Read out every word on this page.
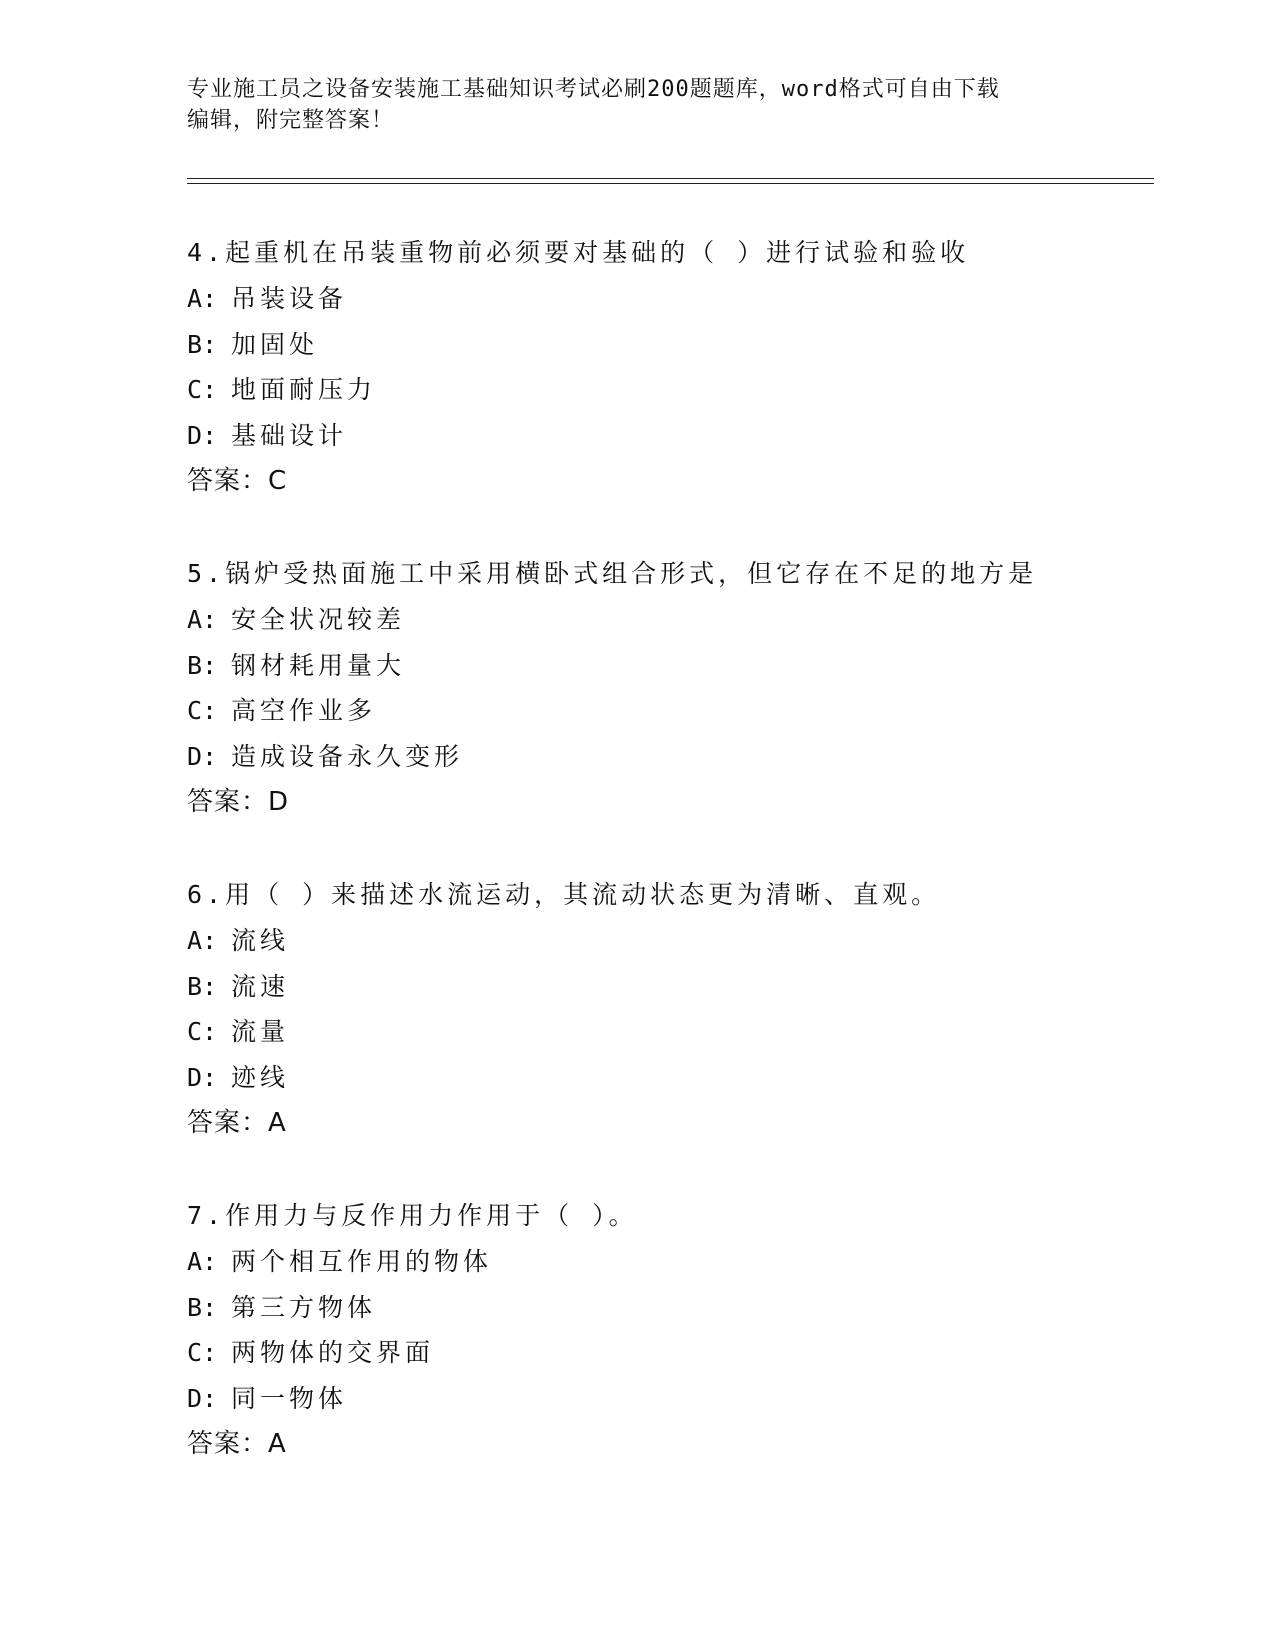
专业施工员之设备安装施工基础知识考试必刷200题题库，word格式可自由下载
编辑，附完整答案！
4.起重机在吊装重物前必须要对基础的（ ）进行试验和验收
A: 吊装设备
B: 加固处
C: 地面耐压力
D: 基础设计
答案：C
5.锅炉受热面施工中采用横卧式组合形式，但它存在不足的地方是
A: 安全状况较差
B: 钢材耗用量大
C: 高空作业多
D: 造成设备永久变形
答案：D
6.用（ ）来描述水流运动，其流动状态更为清晰、直观。
A: 流线
B: 流速
C: 流量
D: 迹线
答案：A
7.作用力与反作用力作用于（ ）。
A: 两个相互作用的物体
B: 第三方物体
C: 两物体的交界面
D: 同一物体
答案：A
